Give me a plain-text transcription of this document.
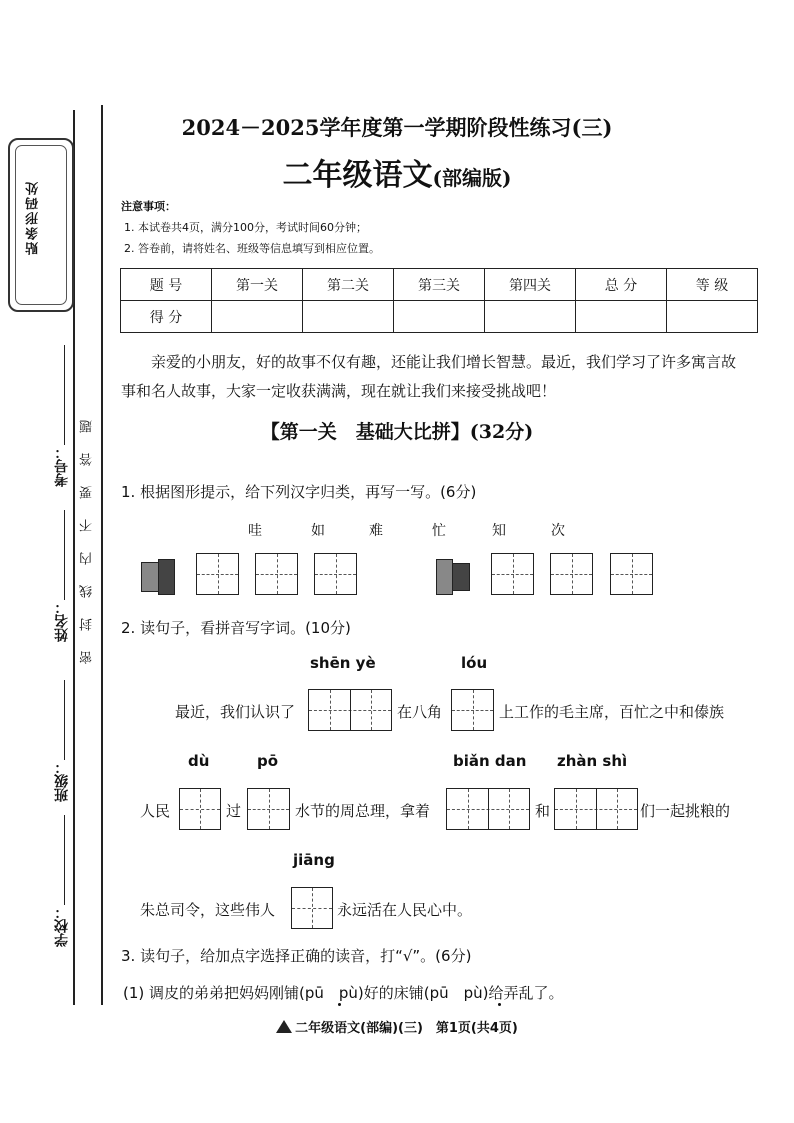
贴条形码处
密封线内不要答题
考号：
姓名：
班级：
学校：
2024－2025学年度第一学期阶段性练习(三)
二年级语文(部编版)
注意事项：
1. 本试卷共4页，满分100分，考试时间60分钟；
2. 答卷前，请将姓名、班级等信息填写到相应位置。
题 号	第一关	第二关	第三关	第四关	总 分	等 级
得 分						
亲爱的小朋友，好的故事不仅有趣，还能让我们增长智慧。最近，我们学习了许多寓言故事和名人故事，大家一定收获满满，现在就让我们来接受挑战吧！
【第一关　基础大比拼】(32分)
1. 根据图形提示，给下列汉字归类，再写一写。(6分)
哇	如	难	忙	知	次
2. 读句子，看拼音写字词。(10分)
shēn yè	lóu
最近，我们认识了	在八角	上工作的毛主席，百忙之中和傣族
dù	pō	biǎn dan zhàn shì
人民	过	水节的周总理，拿着	和	们一起挑粮的
jiāng
朱总司令，这些伟人	永远活在人民心中。
3. 读句子，给加点字选择正确的读音，打“√”。(6分)
(1) 调皮的弟弟把妈妈刚铺(pū　pù)好的床铺(pū　pù)给弄乱了。
二年级语文(部编)(三)　第1页(共4页)
